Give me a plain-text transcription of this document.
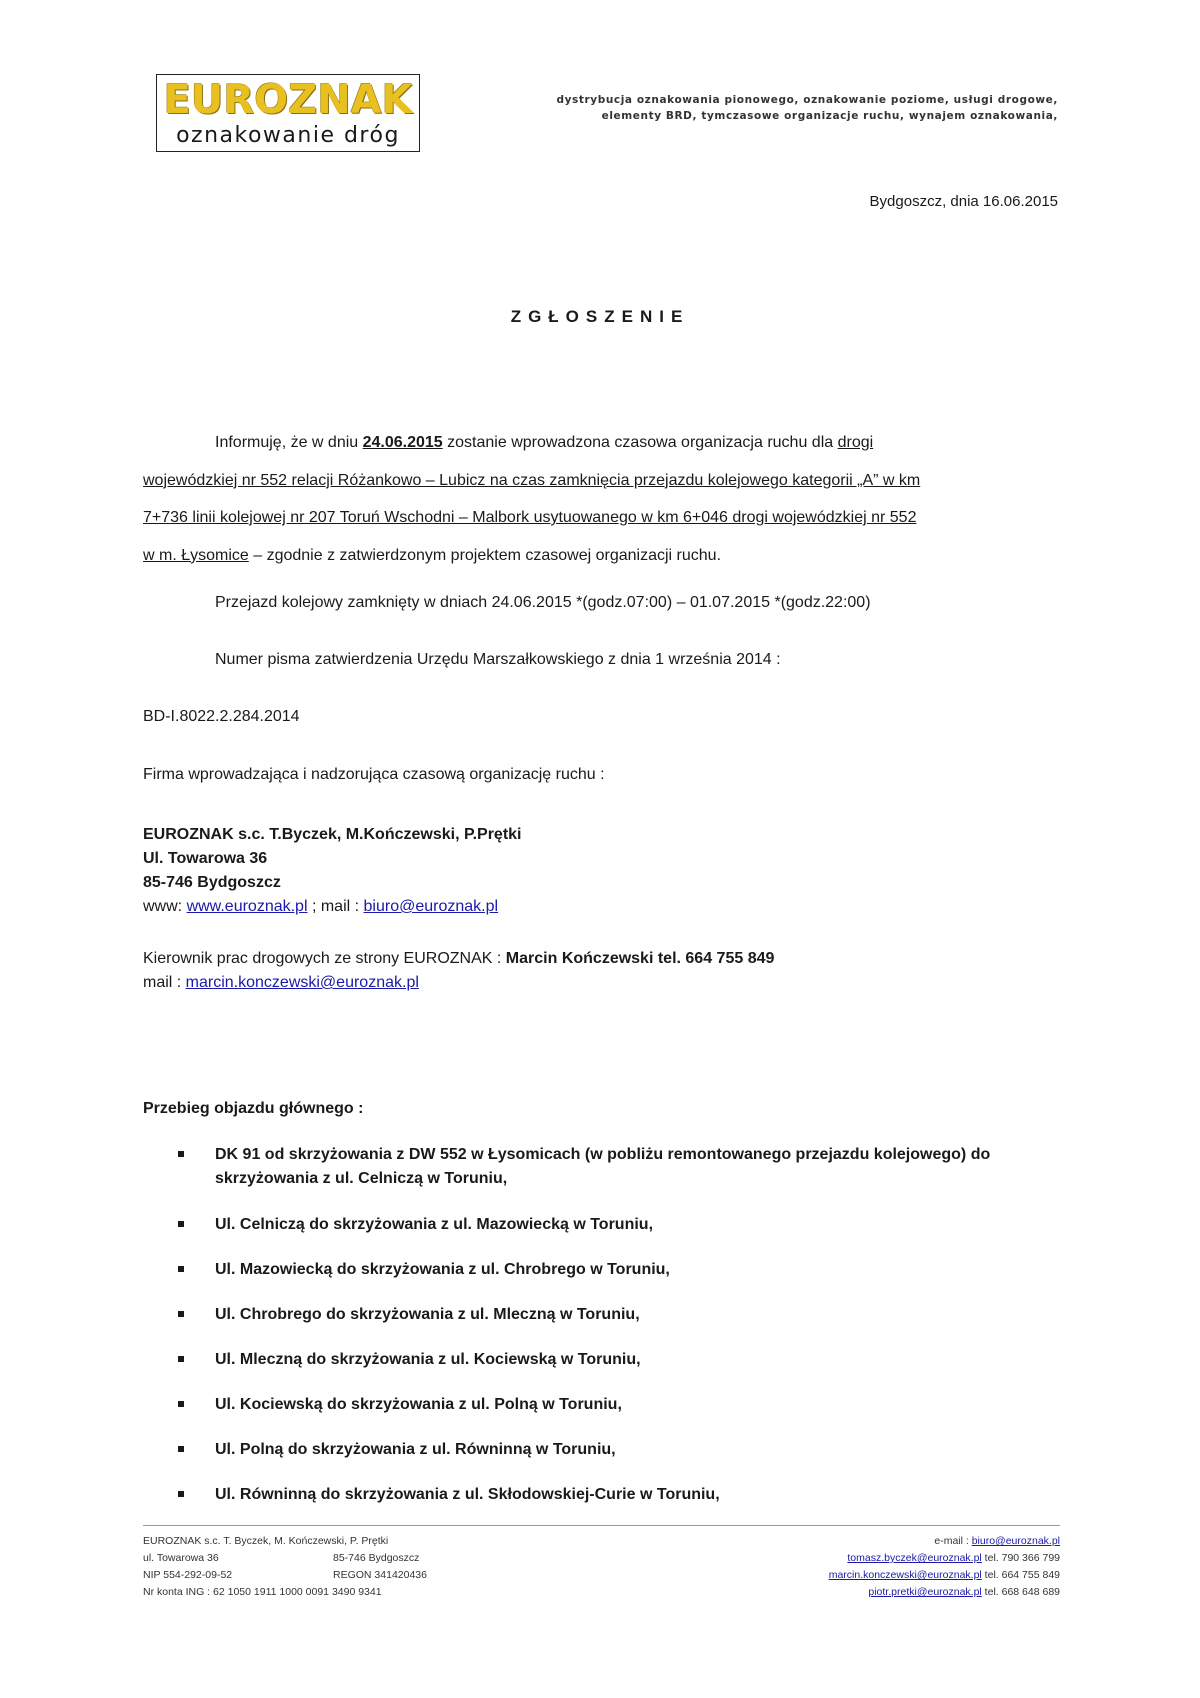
EUROZNAK
oznakowanie dróg
dystrybucja oznakowania pionowego, oznakowanie poziome, usługi drogowe,
elementy BRD, tymczasowe organizacje ruchu, wynajem oznakowania,
Bydgoszcz, dnia 16.06.2015
ZGŁOSZENIE
Informuję, że w dniu 24.06.2015 zostanie wprowadzona czasowa organizacja ruchu dla drogi
wojewódzkiej nr 552 relacji Różankowo – Lubicz na czas zamknięcia przejazdu kolejowego kategorii „A” w km
7+736 linii kolejowej nr 207 Toruń Wschodni – Malbork usytuowanego w km 6+046 drogi wojewódzkiej nr 552
w m. Łysomice – zgodnie z zatwierdzonym projektem czasowej organizacji ruchu.
Przejazd kolejowy zamknięty w dniach 24.06.2015 *(godz.07:00) – 01.07.2015 *(godz.22:00)
Numer pisma zatwierdzenia Urzędu Marszałkowskiego z dnia 1 września 2014 :
BD-I.8022.2.284.2014
Firma wprowadzająca i nadzorująca czasową organizację ruchu :
EUROZNAK s.c. T.Byczek, M.Kończewski, P.Prętki
Ul. Towarowa 36
85-746 Bydgoszcz
www: www.euroznak.pl ; mail : biuro@euroznak.pl
Kierownik prac drogowych ze strony EUROZNAK : Marcin Kończewski tel. 664 755 849
mail : marcin.konczewski@euroznak.pl
Przebieg objazdu głównego :
DK 91 od skrzyżowania z DW 552 w Łysomicach (w pobliżu remontowanego przejazdu kolejowego) do skrzyżowania z ul. Celniczą w Toruniu,
Ul. Celniczą do skrzyżowania z ul. Mazowiecką w Toruniu,
Ul. Mazowiecką do skrzyżowania z ul. Chrobrego w Toruniu,
Ul. Chrobrego do skrzyżowania z ul. Mleczną w Toruniu,
Ul. Mleczną do skrzyżowania z ul. Kociewską w Toruniu,
Ul. Kociewską do skrzyżowania z ul. Polną w Toruniu,
Ul. Polną do skrzyżowania z ul. Równinną w Toruniu,
Ul. Równinną do skrzyżowania z ul. Skłodowskiej-Curie w Toruniu,
EUROZNAK s.c. T. Byczek, M. Kończewski, P. Prętki
ul. Towarowa 36	85-746 Bydgoszcz
NIP 554-292-09-52	REGON 341420436
Nr konta ING : 62 1050 1911 1000 0091 3490 9341
e-mail : biuro@euroznak.pl
tomasz.byczek@euroznak.pl tel. 790 366 799
marcin.konczewski@euroznak.pl tel. 664 755 849
piotr.pretki@euroznak.pl tel. 668 648 689
